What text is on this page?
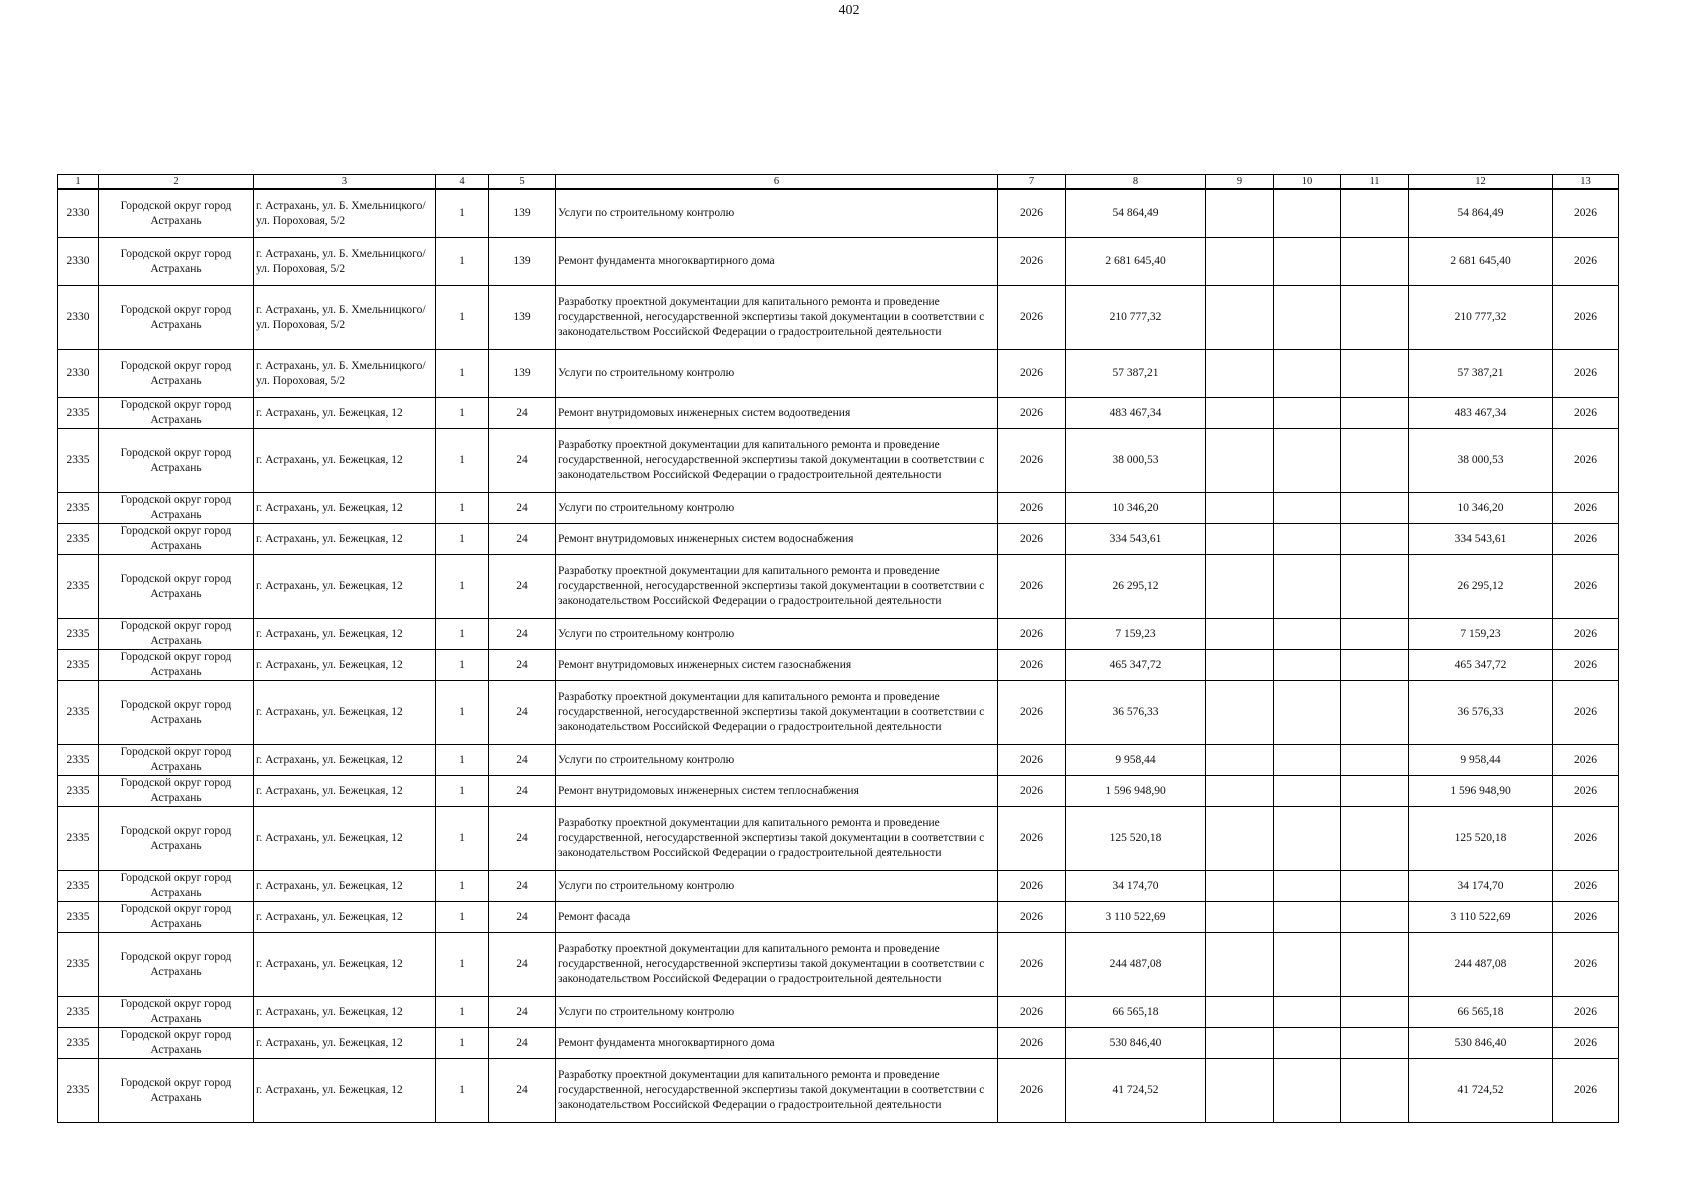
402
1	2	3	4	5	6	7	8	9	10	11	12	13
2330	Городской округ город Астрахань	г. Астрахань, ул. Б. Хмельницкого/ ул. Пороховая, 5/2	1	139	Услуги по строительному контролю	2026	54 864,49				54 864,49	2026
2330	Городской округ город Астрахань	г. Астрахань, ул. Б. Хмельницкого/ ул. Пороховая, 5/2	1	139	Ремонт фундамента многоквартирного дома	2026	2 681 645,40				2 681 645,40	2026
2330	Городской округ город Астрахань	г. Астрахань, ул. Б. Хмельницкого/ ул. Пороховая, 5/2	1	139	Разработку проектной документации для капитального ремонта и проведение государственной, негосударственной экспертизы такой документации в соответствии с законодательством Российской Федерации о градостроительной деятельности	2026	210 777,32				210 777,32	2026
2330	Городской округ город Астрахань	г. Астрахань, ул. Б. Хмельницкого/ ул. Пороховая, 5/2	1	139	Услуги по строительному контролю	2026	57 387,21				57 387,21	2026
2335	Городской округ город Астрахань	г. Астрахань, ул. Бежецкая, 12	1	24	Ремонт внутридомовых инженерных систем водоотведения	2026	483 467,34				483 467,34	2026
2335	Городской округ город Астрахань	г. Астрахань, ул. Бежецкая, 12	1	24	Разработку проектной документации для капитального ремонта и проведение государственной, негосударственной экспертизы такой документации в соответствии с законодательством Российской Федерации о градостроительной деятельности	2026	38 000,53				38 000,53	2026
2335	Городской округ город Астрахань	г. Астрахань, ул. Бежецкая, 12	1	24	Услуги по строительному контролю	2026	10 346,20				10 346,20	2026
2335	Городской округ город Астрахань	г. Астрахань, ул. Бежецкая, 12	1	24	Ремонт внутридомовых инженерных систем водоснабжения	2026	334 543,61				334 543,61	2026
2335	Городской округ город Астрахань	г. Астрахань, ул. Бежецкая, 12	1	24	Разработку проектной документации для капитального ремонта и проведение государственной, негосударственной экспертизы такой документации в соответствии с законодательством Российской Федерации о градостроительной деятельности	2026	26 295,12				26 295,12	2026
2335	Городской округ город Астрахань	г. Астрахань, ул. Бежецкая, 12	1	24	Услуги по строительному контролю	2026	7 159,23				7 159,23	2026
2335	Городской округ город Астрахань	г. Астрахань, ул. Бежецкая, 12	1	24	Ремонт внутридомовых инженерных систем газоснабжения	2026	465 347,72				465 347,72	2026
2335	Городской округ город Астрахань	г. Астрахань, ул. Бежецкая, 12	1	24	Разработку проектной документации для капитального ремонта и проведение государственной, негосударственной экспертизы такой документации в соответствии с законодательством Российской Федерации о градостроительной деятельности	2026	36 576,33				36 576,33	2026
2335	Городской округ город Астрахань	г. Астрахань, ул. Бежецкая, 12	1	24	Услуги по строительному контролю	2026	9 958,44				9 958,44	2026
2335	Городской округ город Астрахань	г. Астрахань, ул. Бежецкая, 12	1	24	Ремонт внутридомовых инженерных систем теплоснабжения	2026	1 596 948,90				1 596 948,90	2026
2335	Городской округ город Астрахань	г. Астрахань, ул. Бежецкая, 12	1	24	Разработку проектной документации для капитального ремонта и проведение государственной, негосударственной экспертизы такой документации в соответствии с законодательством Российской Федерации о градостроительной деятельности	2026	125 520,18				125 520,18	2026
2335	Городской округ город Астрахань	г. Астрахань, ул. Бежецкая, 12	1	24	Услуги по строительному контролю	2026	34 174,70				34 174,70	2026
2335	Городской округ город Астрахань	г. Астрахань, ул. Бежецкая, 12	1	24	Ремонт фасада	2026	3 110 522,69				3 110 522,69	2026
2335	Городской округ город Астрахань	г. Астрахань, ул. Бежецкая, 12	1	24	Разработку проектной документации для капитального ремонта и проведение государственной, негосударственной экспертизы такой документации в соответствии с законодательством Российской Федерации о градостроительной деятельности	2026	244 487,08				244 487,08	2026
2335	Городской округ город Астрахань	г. Астрахань, ул. Бежецкая, 12	1	24	Услуги по строительному контролю	2026	66 565,18				66 565,18	2026
2335	Городской округ город Астрахань	г. Астрахань, ул. Бежецкая, 12	1	24	Ремонт фундамента многоквартирного дома	2026	530 846,40				530 846,40	2026
2335	Городской округ город Астрахань	г. Астрахань, ул. Бежецкая, 12	1	24	Разработку проектной документации для капитального ремонта и проведение государственной, негосударственной экспертизы такой документации в соответствии с законодательством Российской Федерации о градостроительной деятельности	2026	41 724,52				41 724,52	2026
